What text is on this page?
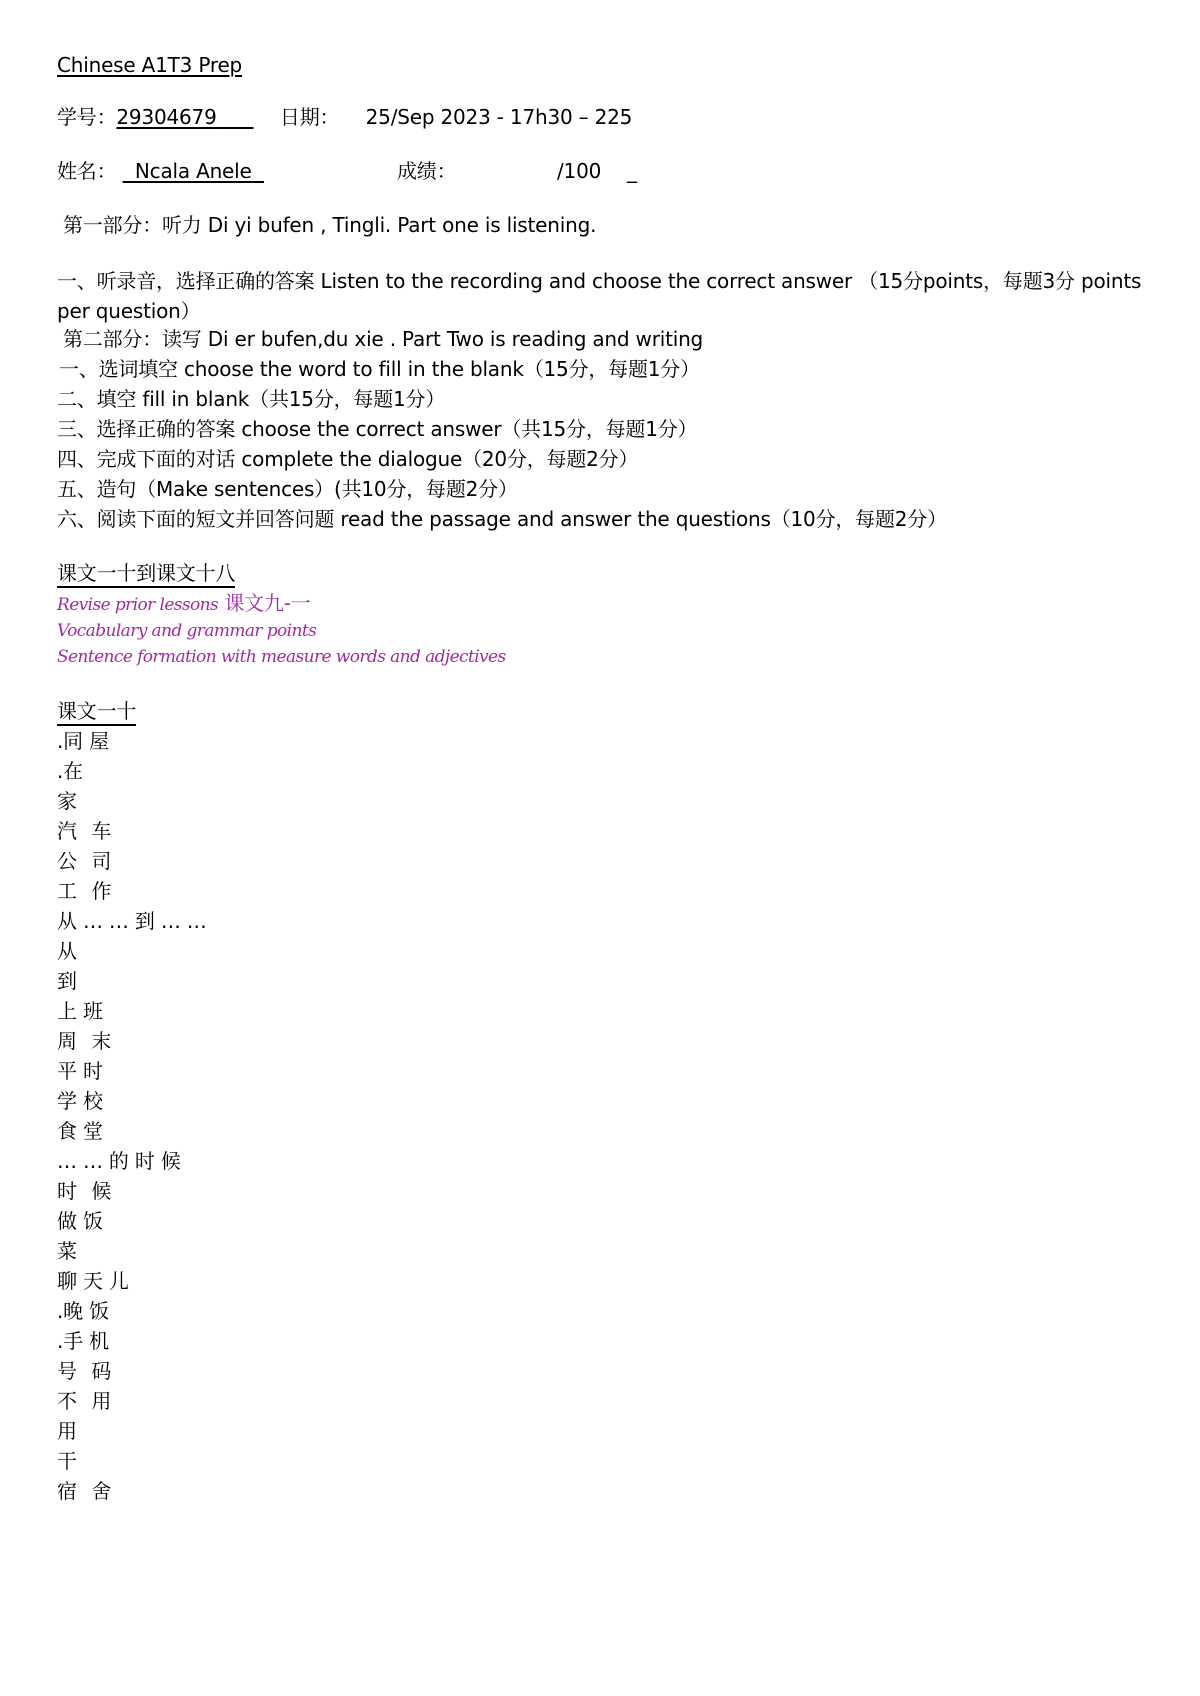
Chinese A1T3 Prep
学号：29304679	日期： 25/Sep 2023 - 17h30 – 225
姓名： Ncala Anele	成绩：	/100 _
第一部分：听力 Di yi bufen , Tingli. Part one is listening.
一、听录音，选择正确的答案 Listen to the recording and choose the correct answer （15分points，每题3分 points per question）
第二部分：读写 Di er bufen,du xie . Part Two is reading and writing
一、选词填空 choose the word to fill in the blank（15分，每题1分）
二、填空 fill in blank（共15分，每题1分）
三、选择正确的答案 choose the correct answer（共15分，每题1分）
四、完成下面的对话 complete the dialogue（20分，每题2分）
五、造句（Make sentences）(共10分，每题2分）
六、阅读下面的短文并回答问题 read the passage and answer the questions（10分，每题2分）
课文一十到课文十八
Revise prior lessons 课文九-一
Vocabulary and grammar points
Sentence formation with measure words and adjectives
课文一十
.同 屋
.在
家
汽 车
公 司
工 作
从 … … 到 … …
从
到
上 班
周 末
平 时
学 校
食 堂
… … 的 时 候
时 候
做 饭
菜
聊 天 儿
.晚 饭
.手 机
号 码
不 用
用
干
宿 舍
